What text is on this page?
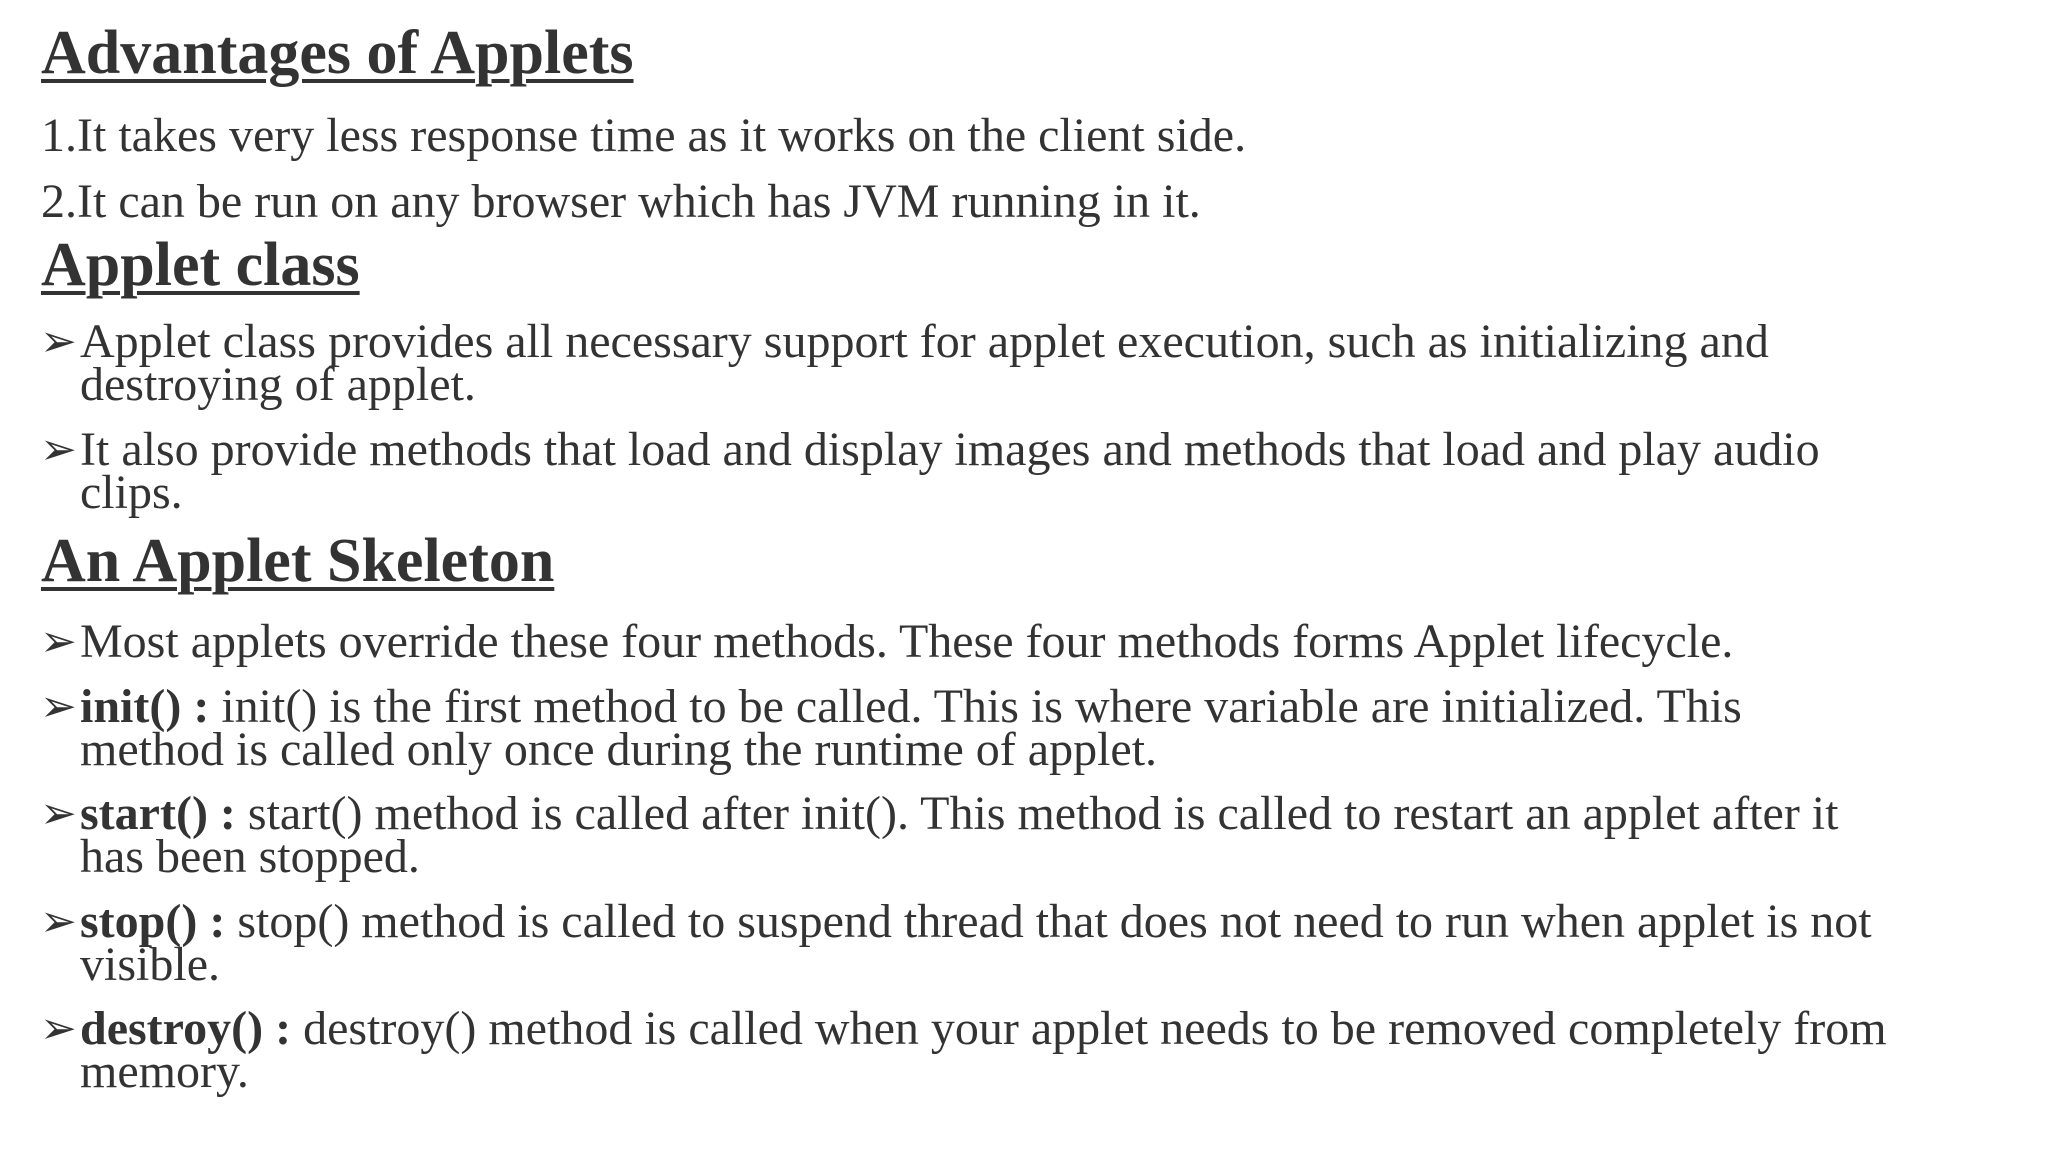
Advantages of Applets

1.It takes very less response time as it works on the client side.

2.It can be run on any browser which has JVM running in it.

Applet class
➢ Applet class provides all necessary support for applet execution, such as initializing and
destroying of applet.
➢ It also provide methods that load and display images and methods that load and play audio
clips.
An Applet Skeleton
➢ Most applets override these four methods. These four methods forms Applet lifecycle.
➢ init() : init() is the first method to be called. This is where variable are initialized. This
method is called only once during the runtime of applet.
➢ start() : start() method is called after init(). This method is called to restart an applet after it
has been stopped.
➢ stop() : stop() method is called to suspend thread that does not need to run when applet is not
visible.
➢ destroy() : destroy() method is called when your applet needs to be removed completely from
memory.
